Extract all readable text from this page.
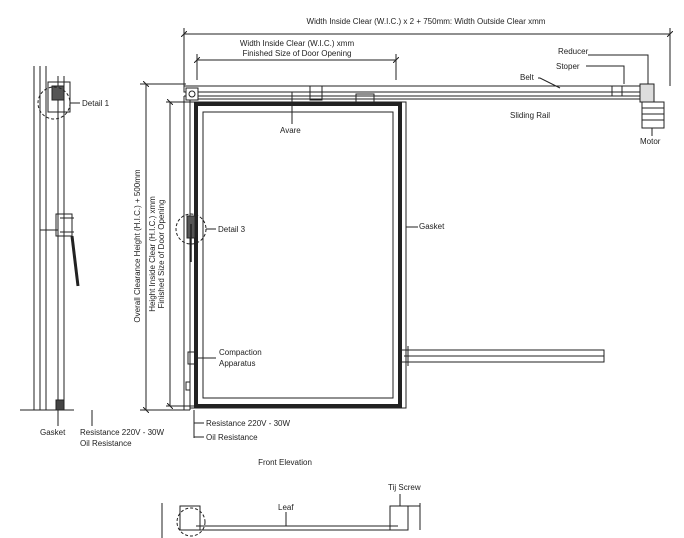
Detail 1
Gasket Resistance 220V - 30W
Oil Resistance
Width Inside Clear (W.I.C.) x 2 + 750mm: Width Outside Clear xmm
Width Inside Clear (W.I.C.) xmm
Finished Size of Door Opening
Overall Clearance Height (H.I.C.) + 500mm Height Inside Clear (H.I.C.) xmm Finished Size of Door Opening
Reducer
Stoper
Belt
Sliding Rail
Motor
Avare
Detail 3	Gasket
Compaction
Apparatus
Resistance 220V - 30W
Oil Resistance
Front Elevation
Tij Screw
Leaf
